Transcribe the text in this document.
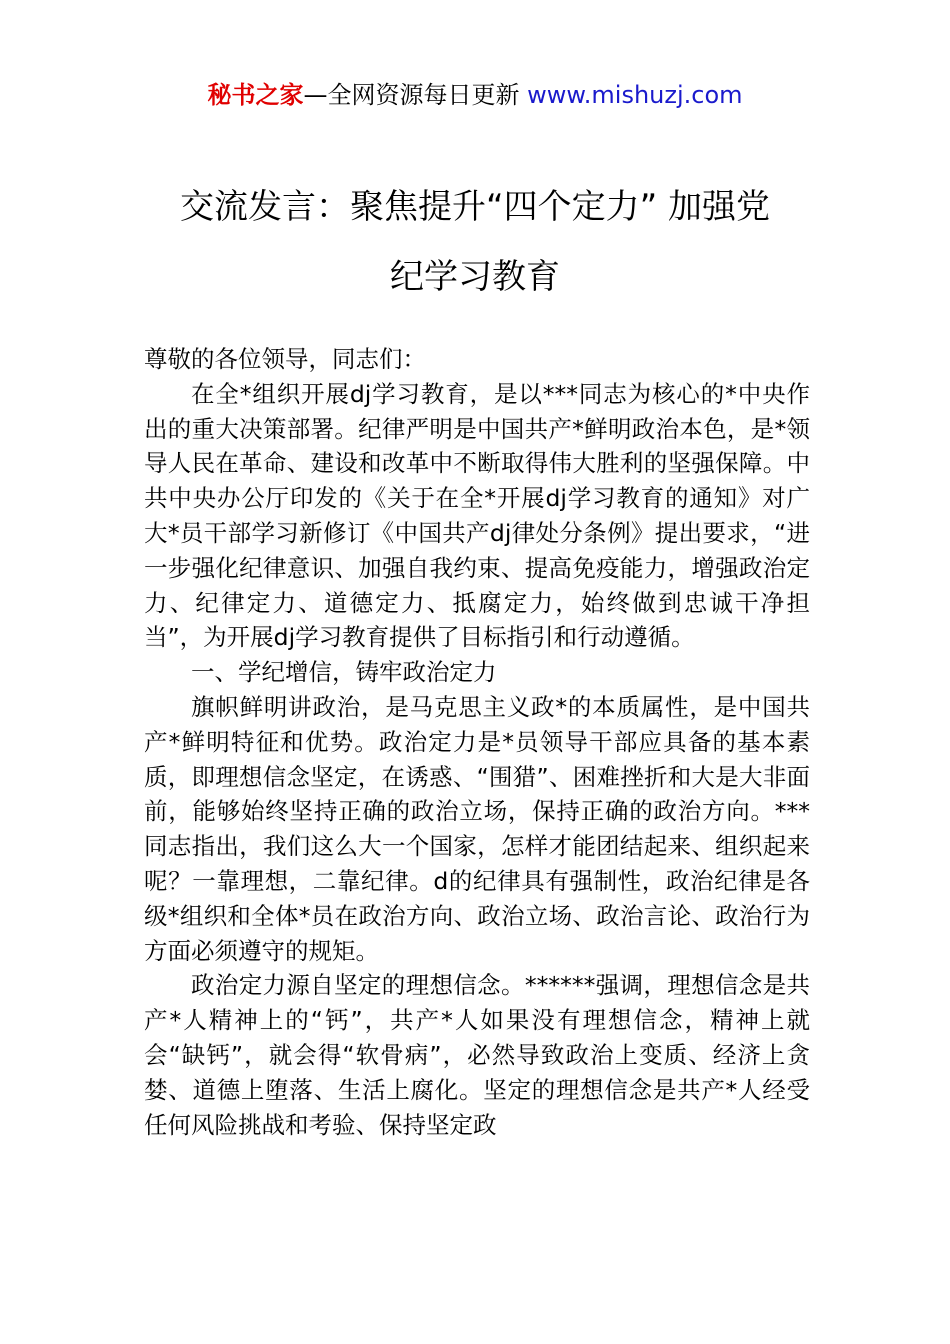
秘书之家—全网资源每日更新 www.mishuzj.com
交流发言：聚焦提升“四个定力” 加强党
纪学习教育

尊敬的各位领导，同志们：

在全*组织开展dj学习教育，是以***同志为核心的*中央作出的重大决策部署。纪律严明是中国共产*鲜明政治本色，是*领导人民在革命、建设和改革中不断取得伟大胜利的坚强保障。中共中央办公厅印发的《关于在全*开展dj学习教育的通知》对广大*员干部学习新修订《中国共产dj律处分条例》提出要求，“进一步强化纪律意识、加强自我约束、提高免疫能力，增强政治定力、纪律定力、道德定力、抵腐定力，始终做到忠诚干净担当”，为开展dj学习教育提供了目标指引和行动遵循。

一、学纪增信，铸牢政治定力

旗帜鲜明讲政治，是马克思主义政*的本质属性，是中国共产*鲜明特征和优势。政治定力是*员领导干部应具备的基本素质，即理想信念坚定，在诱惑、“围猎”、困难挫折和大是大非面前，能够始终坚持正确的政治立场，保持正确的政治方向。***同志指出，我们这么大一个国家，怎样才能团结起来、组织起来呢？一靠理想，二靠纪律。d的纪律具有强制性，政治纪律是各级*组织和全体*员在政治方向、政治立场、政治言论、政治行为方面必须遵守的规矩。

政治定力源自坚定的理想信念。******强调，理想信念是共产*人精神上的“钙”，共产*人如果没有理想信念，精神上就会“缺钙”，就会得“软骨病”，必然导致政治上变质、经济上贪婪、道德上堕落、生活上腐化。坚定的理想信念是共产*人经受任何风险挑战和考验、保持坚定政
